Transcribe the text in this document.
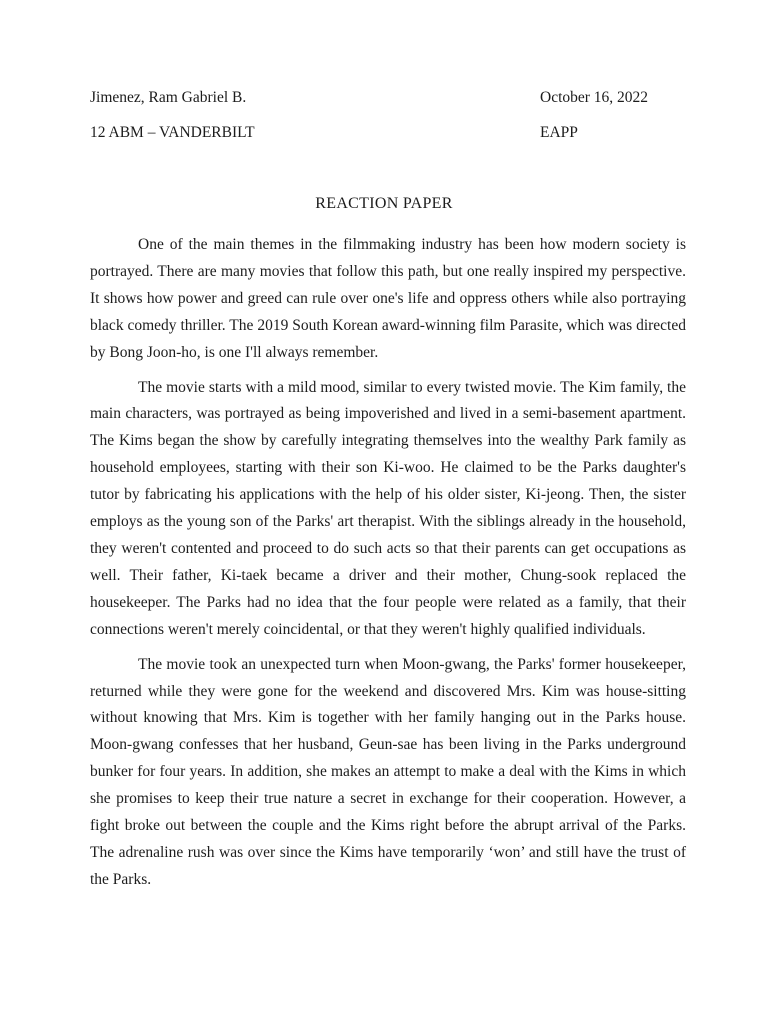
Jimenez, Ram Gabriel B.
12 ABM – VANDERBILT
October 16, 2022
EAPP
REACTION PAPER

One of the main themes in the filmmaking industry has been how modern society is portrayed. There are many movies that follow this path, but one really inspired my perspective. It shows how power and greed can rule over one's life and oppress others while also portraying black comedy thriller. The 2019 South Korean award-winning film Parasite, which was directed by Bong Joon-ho, is one I'll always remember.

The movie starts with a mild mood, similar to every twisted movie. The Kim family, the main characters, was portrayed as being impoverished and lived in a semi-basement apartment. The Kims began the show by carefully integrating themselves into the wealthy Park family as household employees, starting with their son Ki-woo. He claimed to be the Parks daughter's tutor by fabricating his applications with the help of his older sister, Ki-jeong. Then, the sister employs as the young son of the Parks' art therapist. With the siblings already in the household, they weren't contented and proceed to do such acts so that their parents can get occupations as well. Their father, Ki-taek became a driver and their mother, Chung-sook replaced the housekeeper. The Parks had no idea that the four people were related as a family, that their connections weren't merely coincidental, or that they weren't highly qualified individuals.

The movie took an unexpected turn when Moon-gwang, the Parks' former housekeeper, returned while they were gone for the weekend and discovered Mrs. Kim was house-sitting without knowing that Mrs. Kim is together with her family hanging out in the Parks house. Moon-gwang confesses that her husband, Geun-sae has been living in the Parks underground bunker for four years. In addition, she makes an attempt to make a deal with the Kims in which she promises to keep their true nature a secret in exchange for their cooperation. However, a fight broke out between the couple and the Kims right before the abrupt arrival of the Parks. The adrenaline rush was over since the Kims have temporarily ‘won’ and still have the trust of the Parks.
